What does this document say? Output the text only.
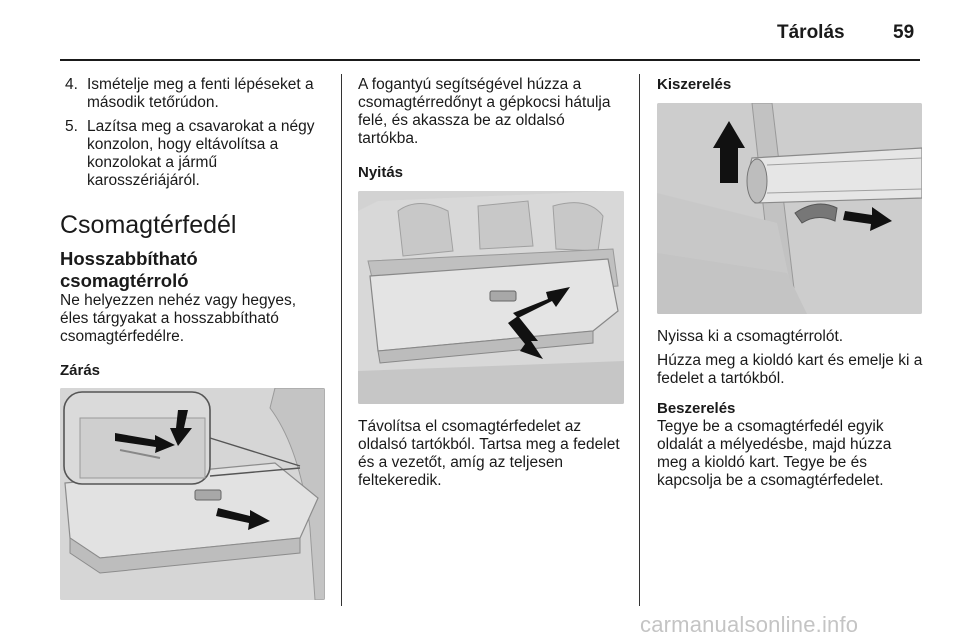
Tárolás	59
4. Ismételje meg a fenti lépéseket a második tetőrúdon.
5. Lazítsa meg a csavarokat a négy konzolon, hogy eltávolítsa a konzolokat a jármű karosszériájáról.
Csomagtérfedél
Hosszabbítható csomagtérroló

Ne helyezzen nehéz vagy hegyes, éles tárgyakat a hosszabbítható csomagtérfedélre.

Zárás

A fogantyú segítségével húzza a csomagtérredőnyt a gépkocsi hátulja felé, és akassza be az oldalsó tartókba.

Nyitás

Távolítsa el csomagtérfedelet az oldalsó tartókból. Tartsa meg a fedelet és a vezetőt, amíg az teljesen feltekeredik.

Kiszerelés

Nyissa ki a csomagtérrolót.

Húzza meg a kioldó kart és emelje ki a fedelet a tartókból.

Beszerelés

Tegye be a csomagtérfedél egyik oldalát a mélyedésbe, majd húzza meg a kioldó kart. Tegye be és kapcsolja be a csomagtérfedelet.

carmanualsonline.info
